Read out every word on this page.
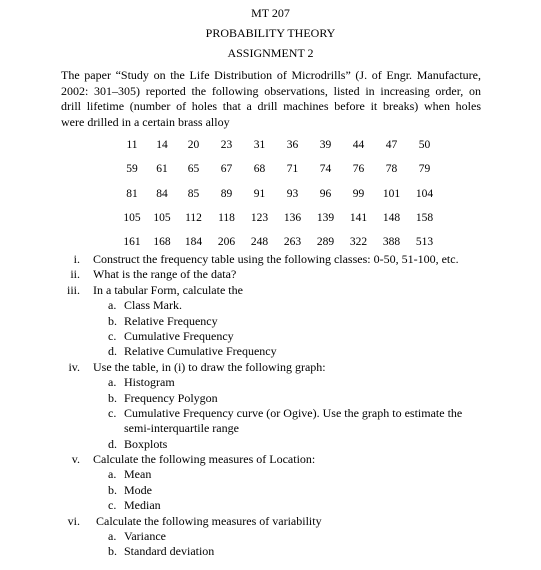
MT 207
PROBABILITY THEORY
ASSIGNMENT 2
The paper “Study on the Life Distribution of Microdrills” (J. of Engr. Manufacture,
2002: 301–305) reported the following observations, listed in increasing order, on
drill lifetime (number of holes that a drill machines before it breaks) when holes
were drilled in a certain brass alloy
11	14	20	23	31	36	39	44	47	50
59	61	65	67	68	71	74	76	78	79
81	84	85	89	91	93	96	99	101	104
105	105	112	118	123	136	139	141	148	158
161	168	184	206	248	263	289	322	388	513
i. Construct the frequency table using the following classes: 0-50, 51-100, etc.
ii. What is the range of the data?
iii. In a tabular Form, calculate the
a. Class Mark.
b. Relative Frequency
c. Cumulative Frequency
d. Relative Cumulative Frequency
iv. Use the table, in (i) to draw the following graph:
a. Histogram
b. Frequency Polygon
c. Cumulative Frequency curve (or Ogive). Use the graph to estimate the
semi-interquartile range
d. Boxplots
v. Calculate the following measures of Location:
a. Mean
b. Mode
c. Median
vi. Calculate the following measures of variability
a. Variance
b. Standard deviation
